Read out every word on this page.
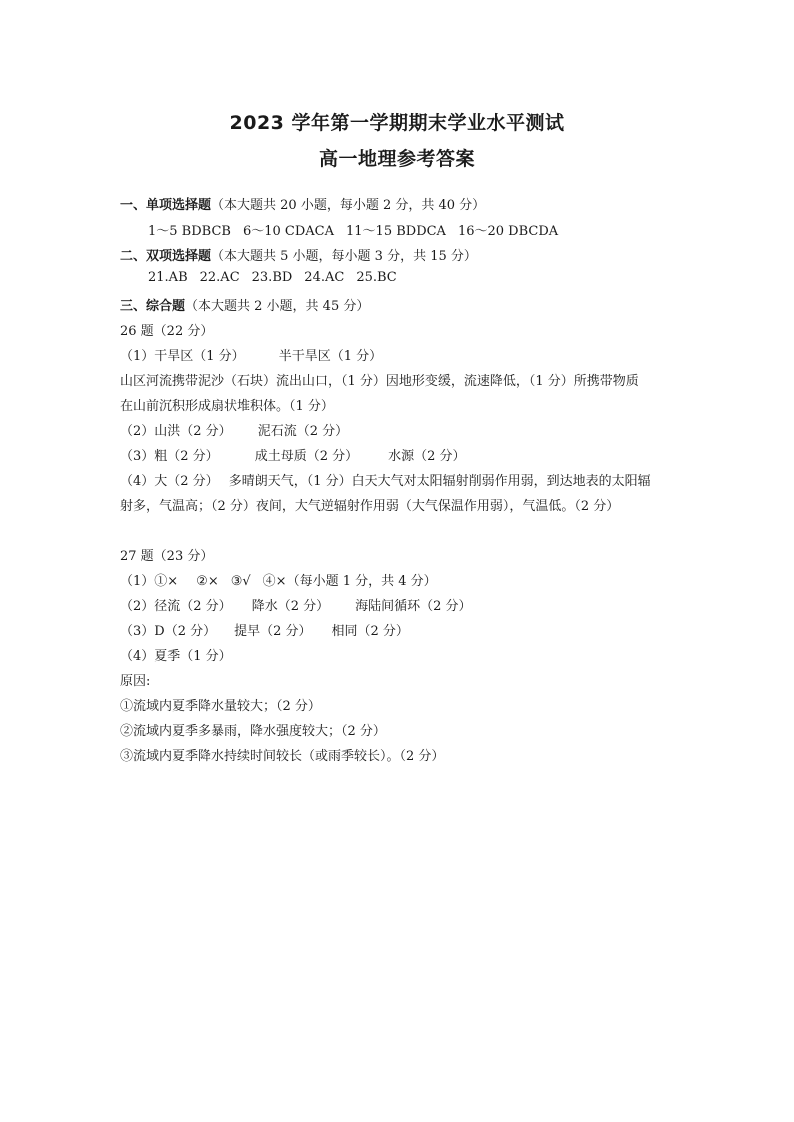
2023 学年第一学期期末学业水平测试
高一地理参考答案
一、单项选择题（本大题共 20 小题，每小题 2 分，共 40 分）
1～5 BDBCB 6～10 CDACA 11～15 BDDCA 16～20 DBCDA
二、双项选择题（本大题共 5 小题，每小题 3 分，共 15 分）
21.AB 22.AC 23.BD 24.AC 25.BC
三、综合题（本大题共 2 小题，共 45 分）
26 题（22 分）
（1）干旱区（1 分）	半干旱区（1 分）
山区河流携带泥沙（石块）流出山口，（1 分）因地形变缓，流速降低，（1 分）所携带物质
在山前沉积形成扇状堆积体。（1 分）
（2）山洪（2 分） 泥石流（2 分）
（3）粗（2 分）	成土母质（2 分） 水源（2 分）
（4）大（2 分） 多晴朗天气，（1 分）白天大气对太阳辐射削弱作用弱，到达地表的太阳辐
射多，气温高；（2 分）夜间，大气逆辐射作用弱（大气保温作用弱），气温低。（2 分）
27 题（23 分）
（1）①× ②× ③√ ④×（每小题 1 分，共 4 分）
（2）径流（2 分） 降水（2 分） 海陆间循环（2 分）
（3）D（2 分） 提早（2 分） 相同（2 分）
（4）夏季（1 分）
原因:
①流域内夏季降水量较大；（2 分）
②流域内夏季多暴雨，降水强度较大；（2 分）
③流域内夏季降水持续时间较长（或雨季较长）。（2 分）
